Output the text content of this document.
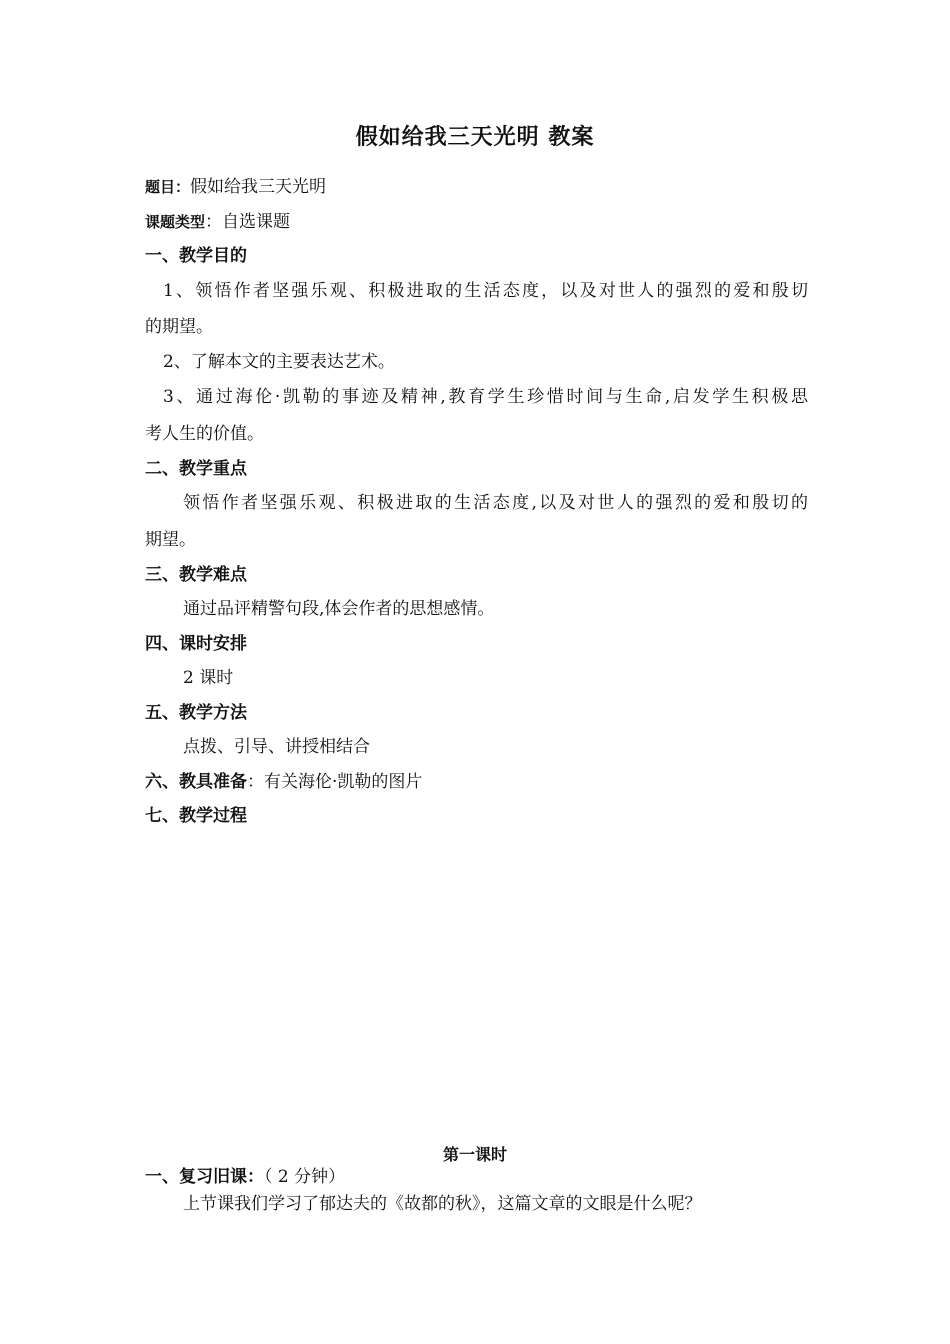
假如给我三天光明 教案
题目：假如给我三天光明
课题类型：自选课题
一、教学目的
1、领悟作者坚强乐观、积极进取的生活态度，以及对世人的强烈的爱和殷切
的期望。
2、了解本文的主要表达艺术。
3、通过海伦·凯勒的事迹及精神,教育学生珍惜时间与生命,启发学生积极思
考人生的价值。
二、教学重点
领悟作者坚强乐观、积极进取的生活态度,以及对世人的强烈的爱和殷切的
期望。
三、教学难点
通过品评精警句段,体会作者的思想感情。
四、课时安排
2 课时
五、教学方法
点拨、引导、讲授相结合
六、教具准备：有关海伦·凯勒的图片
七、教学过程
第一课时
一、复习旧课：（ 2 分钟）
上节课我们学习了郁达夫的《故都的秋》，这篇文章的文眼是什么呢？
